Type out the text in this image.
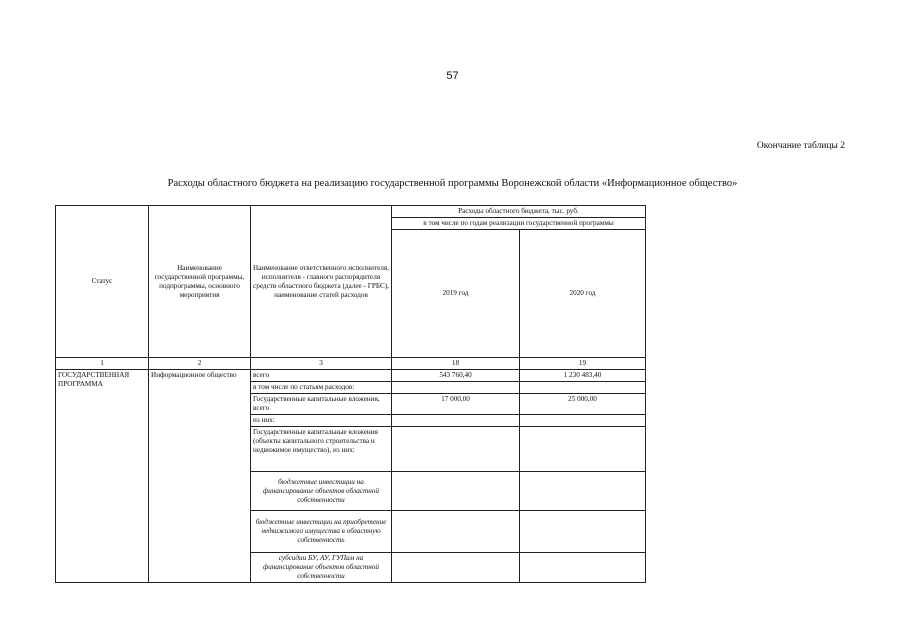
57
Окончание таблицы 2
Расходы областного бюджета на реализацию государственной программы Воронежской области «Информационное общество»
Статус	Наименование государственной программы, подпрограммы, основного мероприятия	Наименование ответственного исполнителя, исполнителя - главного распорядителя средств областного бюджета (далее - ГРБС), наименование статей расходов	Расходы областного бюджета, тыс. руб.	
			в том числе по годам реализации государственной программы	
			2019 год	2020 год
1	2	3	18	19
ГОСУДАРСТВЕННАЯ ПРОГРАММА	Информационное общество	всего	543 760,40	1 230 483,40
		в том числе по статьям расходов:		
		Государственные капитальные вложения, всего	17 000,00	25 000,00
		из них:		
		Государственные капитальные вложения (объекты капитального строительства и недвижимое имущество), из них:		
		бюджетные инвестиции на финансирование объектов областной собственности		
		бюджетные инвестиции на приобретение недвижимого имущества в областную собственность		
		субсидии БУ, АУ, ГУПам на финансирование объектов областной собственности		
